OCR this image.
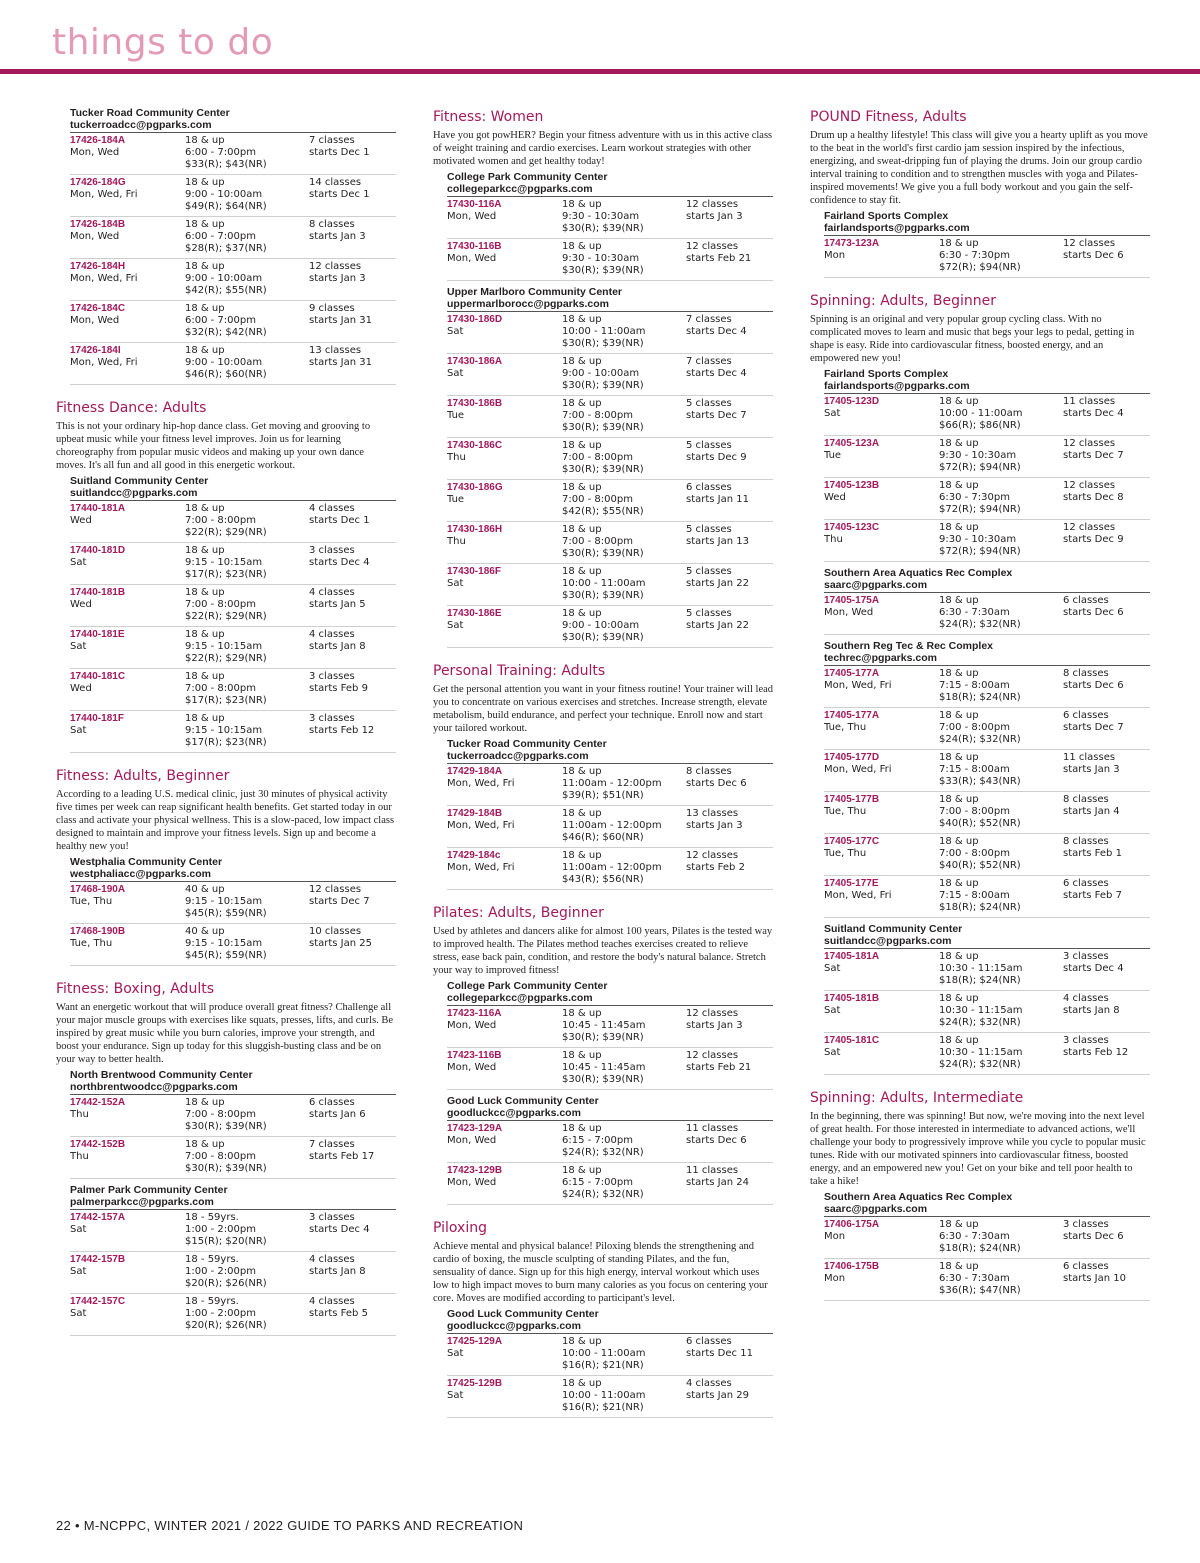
things to do
Tucker Road Community Center
tuckerroadcc@pgparks.com
17426-184A
Mon, Wed
18 & up
6:00 - 7:00pm
$33(R); $43(NR)
7 classes
starts Dec 1
17426-184G
Mon, Wed, Fri
18 & up
9:00 - 10:00am
$49(R); $64(NR)
14 classes
starts Dec 1
17426-184B
Mon, Wed
18 & up
6:00 - 7:00pm
$28(R); $37(NR)
8 classes
starts Jan 3
17426-184H
Mon, Wed, Fri
18 & up
9:00 - 10:00am
$42(R); $55(NR)
12 classes
starts Jan 3
17426-184C
Mon, Wed
18 & up
6:00 - 7:00pm
$32(R); $42(NR)
9 classes
starts Jan 31
17426-184I
Mon, Wed, Fri
18 & up
9:00 - 10:00am
$46(R); $60(NR)
13 classes
starts Jan 31
Fitness Dance: Adults
This is not your ordinary hip-hop dance class. Get moving and grooving to upbeat music while your fitness level improves. Join us for learning choreography from popular music videos and making up your own dance moves. It's all fun and all good in this energetic workout.
Suitland Community Center
suitlandcc@pgparks.com
17440-181A
Wed
18 & up
7:00 - 8:00pm
$22(R); $29(NR)
4 classes
starts Dec 1
17440-181D
Sat
18 & up
9:15 - 10:15am
$17(R); $23(NR)
3 classes
starts Dec 4
17440-181B
Wed
18 & up
7:00 - 8:00pm
$22(R); $29(NR)
4 classes
starts Jan 5
17440-181E
Sat
18 & up
9:15 - 10:15am
$22(R); $29(NR)
4 classes
starts Jan 8
17440-181C
Wed
18 & up
7:00 - 8:00pm
$17(R); $23(NR)
3 classes
starts Feb 9
17440-181F
Sat
18 & up
9:15 - 10:15am
$17(R); $23(NR)
3 classes
starts Feb 12
Fitness: Adults, Beginner
According to a leading U.S. medical clinic, just 30 minutes of physical activity five times per week can reap significant health benefits. Get started today in our class and activate your physical wellness. This is a slow-paced, low impact class designed to maintain and improve your fitness levels. Sign up and become a healthy new you!
Westphalia Community Center
westphaliacc@pgparks.com
17468-190A
Tue, Thu
40 & up
9:15 - 10:15am
$45(R); $59(NR)
12 classes
starts Dec 7
17468-190B
Tue, Thu
40 & up
9:15 - 10:15am
$45(R); $59(NR)
10 classes
starts Jan 25
Fitness: Boxing, Adults
Want an energetic workout that will produce overall great fitness? Challenge all your major muscle groups with exercises like squats, presses, lifts, and curls. Be inspired by great music while you burn calories, improve your strength, and boost your endurance. Sign up today for this sluggish-busting class and be on your way to better health.
North Brentwood Community Center
northbrentwoodcc@pgparks.com
17442-152A
Thu
18 & up
7:00 - 8:00pm
$30(R); $39(NR)
6 classes
starts Jan 6
17442-152B
Thu
18 & up
7:00 - 8:00pm
$30(R); $39(NR)
7 classes
starts Feb 17
Palmer Park Community Center
palmerparkcc@pgparks.com
17442-157A
Sat
18 - 59yrs.
1:00 - 2:00pm
$15(R); $20(NR)
3 classes
starts Dec 4
17442-157B
Sat
18 - 59yrs.
1:00 - 2:00pm
$20(R); $26(NR)
4 classes
starts Jan 8
17442-157C
Sat
18 - 59yrs.
1:00 - 2:00pm
$20(R); $26(NR)
4 classes
starts Feb 5
Fitness: Women
Have you got powHER? Begin your fitness adventure with us in this active class of weight training and cardio exercises. Learn workout strategies with other motivated women and get healthy today!
College Park Community Center
collegeparkcc@pgparks.com
17430-116A
Mon, Wed
18 & up
9:30 - 10:30am
$30(R); $39(NR)
12 classes
starts Jan 3
17430-116B
Mon, Wed
18 & up
9:30 - 10:30am
$30(R); $39(NR)
12 classes
starts Feb 21
Upper Marlboro Community Center
uppermarlborocc@pgparks.com
17430-186D
Sat
18 & up
10:00 - 11:00am
$30(R); $39(NR)
7 classes
starts Dec 4
17430-186A
Sat
18 & up
9:00 - 10:00am
$30(R); $39(NR)
7 classes
starts Dec 4
17430-186B
Tue
18 & up
7:00 - 8:00pm
$30(R); $39(NR)
5 classes
starts Dec 7
17430-186C
Thu
18 & up
7:00 - 8:00pm
$30(R); $39(NR)
5 classes
starts Dec 9
17430-186G
Tue
18 & up
7:00 - 8:00pm
$42(R); $55(NR)
6 classes
starts Jan 11
17430-186H
Thu
18 & up
7:00 - 8:00pm
$30(R); $39(NR)
5 classes
starts Jan 13
17430-186F
Sat
18 & up
10:00 - 11:00am
$30(R); $39(NR)
5 classes
starts Jan 22
17430-186E
Sat
18 & up
9:00 - 10:00am
$30(R); $39(NR)
5 classes
starts Jan 22
Personal Training: Adults
Get the personal attention you want in your fitness routine! Your trainer will lead you to concentrate on various exercises and stretches. Increase strength, elevate metabolism, build endurance, and perfect your technique. Enroll now and start your tailored workout.
Tucker Road Community Center
tuckerroadcc@pgparks.com
17429-184A
Mon, Wed, Fri
18 & up
11:00am - 12:00pm
$39(R); $51(NR)
8 classes
starts Dec 6
17429-184B
Mon, Wed, Fri
18 & up
11:00am - 12:00pm
$46(R); $60(NR)
13 classes
starts Jan 3
17429-184c
Mon, Wed, Fri
18 & up
11:00am - 12:00pm
$43(R); $56(NR)
12 classes
starts Feb 2
Pilates: Adults, Beginner
Used by athletes and dancers alike for almost 100 years, Pilates is the tested way to improved health. The Pilates method teaches exercises created to relieve stress, ease back pain, condition, and restore the body's natural balance. Stretch your way to improved fitness!
College Park Community Center
collegeparkcc@pgparks.com
17423-116A
Mon, Wed
18 & up
10:45 - 11:45am
$30(R); $39(NR)
12 classes
starts Jan 3
17423-116B
Mon, Wed
18 & up
10:45 - 11:45am
$30(R); $39(NR)
12 classes
starts Feb 21
Good Luck Community Center
goodluckcc@pgparks.com
17423-129A
Mon, Wed
18 & up
6:15 - 7:00pm
$24(R); $32(NR)
11 classes
starts Dec 6
17423-129B
Mon, Wed
18 & up
6:15 - 7:00pm
$24(R); $32(NR)
11 classes
starts Jan 24
Piloxing
Achieve mental and physical balance! Piloxing blends the strengthening and cardio of boxing, the muscle sculpting of standing Pilates, and the fun, sensuality of dance. Sign up for this high energy, interval workout which uses low to high impact moves to burn many calories as you focus on centering your core. Moves are modified according to participant's level.
Good Luck Community Center
goodluckcc@pgparks.com
17425-129A
Sat
18 & up
10:00 - 11:00am
$16(R); $21(NR)
6 classes
starts Dec 11
17425-129B
Sat
18 & up
10:00 - 11:00am
$16(R); $21(NR)
4 classes
starts Jan 29
POUND Fitness, Adults
Drum up a healthy lifestyle! This class will give you a hearty uplift as you move to the beat in the world's first cardio jam session inspired by the infectious, energizing, and sweat-dripping fun of playing the drums. Join our group cardio interval training to condition and to strengthen muscles with yoga and Pilates-inspired movements! We give you a full body workout and you gain the self-confidence to stay fit.
Fairland Sports Complex
fairlandsports@pgparks.com
17473-123A
Mon
18 & up
6:30 - 7:30pm
$72(R); $94(NR)
12 classes
starts Dec 6
Spinning: Adults, Beginner
Spinning is an original and very popular group cycling class. With no complicated moves to learn and music that begs your legs to pedal, getting in shape is easy. Ride into cardiovascular fitness, boosted energy, and an empowered new you!
Fairland Sports Complex
fairlandsports@pgparks.com
17405-123D
Sat
18 & up
10:00 - 11:00am
$66(R); $86(NR)
11 classes
starts Dec 4
17405-123A
Tue
18 & up
9:30 - 10:30am
$72(R); $94(NR)
12 classes
starts Dec 7
17405-123B
Wed
18 & up
6:30 - 7:30pm
$72(R); $94(NR)
12 classes
starts Dec 8
17405-123C
Thu
18 & up
9:30 - 10:30am
$72(R); $94(NR)
12 classes
starts Dec 9
Southern Area Aquatics Rec Complex
saarc@pgparks.com
17405-175A
Mon, Wed
18 & up
6:30 - 7:30am
$24(R); $32(NR)
6 classes
starts Dec 6
Southern Reg Tec & Rec Complex
techrec@pgparks.com
17405-177A
Mon, Wed, Fri
18 & up
7:15 - 8:00am
$18(R); $24(NR)
8 classes
starts Dec 6
17405-177A
Tue, Thu
18 & up
7:00 - 8:00pm
$24(R); $32(NR)
6 classes
starts Dec 7
17405-177D
Mon, Wed, Fri
18 & up
7:15 - 8:00am
$33(R); $43(NR)
11 classes
starts Jan 3
17405-177B
Tue, Thu
18 & up
7:00 - 8:00pm
$40(R); $52(NR)
8 classes
starts Jan 4
17405-177C
Tue, Thu
18 & up
7:00 - 8:00pm
$40(R); $52(NR)
8 classes
starts Feb 1
17405-177E
Mon, Wed, Fri
18 & up
7:15 - 8:00am
$18(R); $24(NR)
6 classes
starts Feb 7
Suitland Community Center
suitlandcc@pgparks.com
17405-181A
Sat
18 & up
10:30 - 11:15am
$18(R); $24(NR)
3 classes
starts Dec 4
17405-181B
Sat
18 & up
10:30 - 11:15am
$24(R); $32(NR)
4 classes
starts Jan 8
17405-181C
Sat
18 & up
10:30 - 11:15am
$24(R); $32(NR)
3 classes
starts Feb 12
Spinning: Adults, Intermediate
In the beginning, there was spinning! But now, we're moving into the next level of great health. For those interested in intermediate to advanced actions, we'll challenge your body to progressively improve while you cycle to popular music tunes. Ride with our motivated spinners into cardiovascular fitness, boosted energy, and an empowered new you! Get on your bike and tell poor health to take a hike!
Southern Area Aquatics Rec Complex
saarc@pgparks.com
17406-175A
Mon
18 & up
6:30 - 7:30am
$18(R); $24(NR)
3 classes
starts Dec 6
17406-175B
Mon
18 & up
6:30 - 7:30am
$36(R); $47(NR)
6 classes
starts Jan 10
22 • M-NCPPC, WINTER 2021 / 2022 GUIDE TO PARKS AND RECREATION
